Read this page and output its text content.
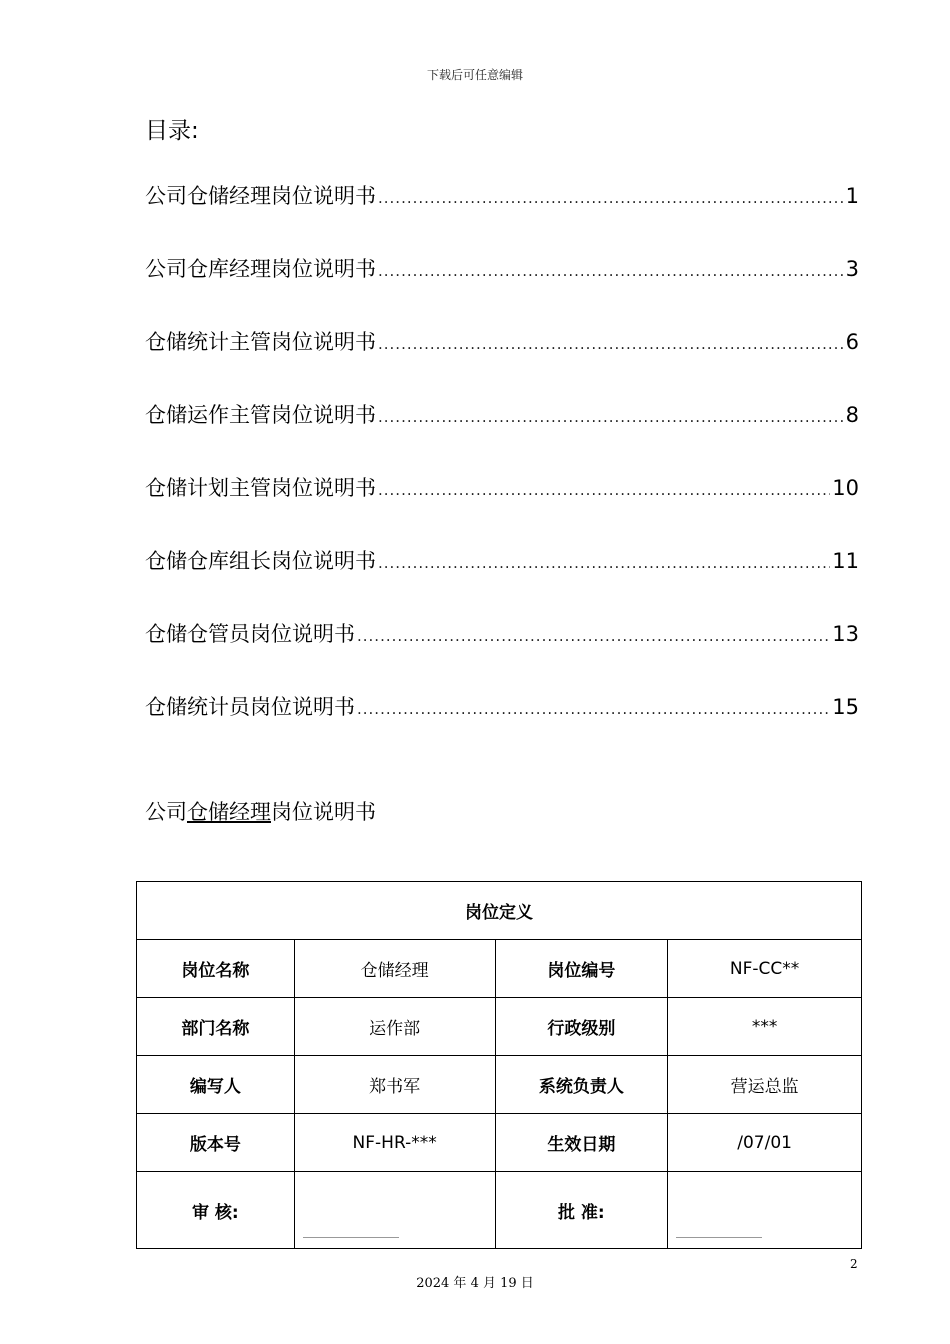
下载后可任意编辑
目录:
公司仓储经理岗位说明书 .....	1
公司仓库经理岗位说明书 .....	3
仓储统计主管岗位说明书 .....	6
仓储运作主管岗位说明书 .....	8
仓储计划主管岗位说明书 .....	10
仓储仓库组长岗位说明书 .....	11
仓储仓管员岗位说明书 .....	13
仓储统计员岗位说明书 .....	15
公司仓储经理岗位说明书
岗位定义			
岗位名称	仓储经理	岗位编号	NF-CC**
部门名称	运作部	行政级别	***
编写人	郑书军	系统负责人	营运总监
版本号	NF-HR-***	生效日期	/07/01
审 核:		批 准:	
2
2024 年 4 月 19 日
